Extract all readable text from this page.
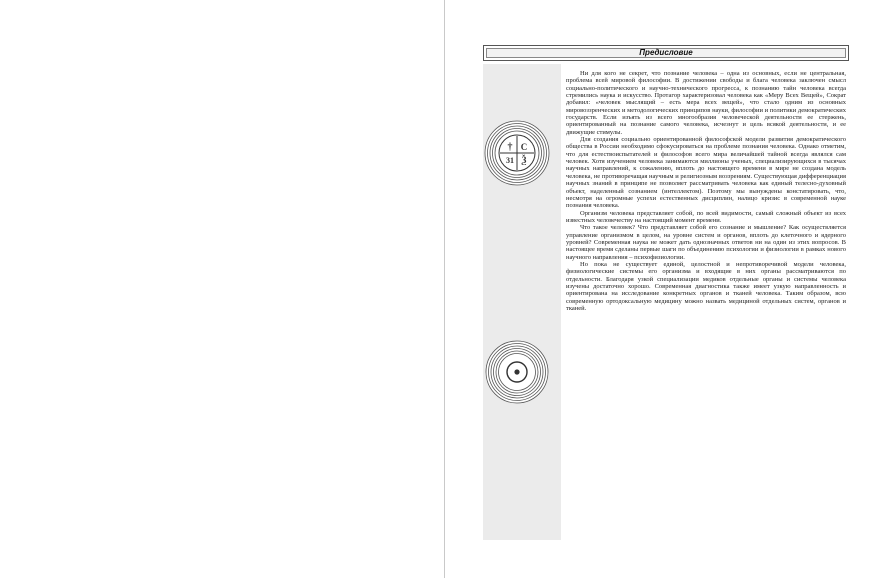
Предисловие
† C
31 Ѯ

Ни для кого не секрет, что познание человека – одна из основных, если не центральная, проблема всей мировой философии. В достижении свободы и блага человека заключен смысл социально-политического и научно-технического прогресса, к познанию тайн человека всегда стремились наука и искусство. Протагор характеризовал человека как «Меру Всех Вещей», Сократ добавил: «человек мыслящий – есть мера всех вещей», что стало одним из основных мировоззренческих и методологических принципов науки, философии и политики демократических государств. Если изъять из всего многообразия человеческой деятельности ее стержень, ориентированный на познание самого человека, исчезнут и цель всякой деятельности, и ее движущие стимулы.

Для создания социально ориентированной философской модели развития демократического общества в России необходимо сфокусироваться на проблеме познания человека. Однако отметим, что для естествоиспытателей и философов всего мира величайшей тайной всегда являлся сам человек. Хотя изучением человека занимаются миллионы ученых, специализирующихся в тысячах научных направлений, к сожалению, вплоть до настоящего времени в мире не создана модель человека, не противоречащая научным и религиозным воззрениям. Существующая дифференциация научных знаний в принципе не позволяет рассматривать человека как единый телесно-духовный объект, наделенный сознанием (интеллектом). Поэтому мы вынуждены констатировать, что, несмотря на огромные успехи естественных дисциплин, налицо кризис в современной науке познания человека.

Организм человека представляет собой, по всей видимости, самый сложный объект из всех известных человечеству на настоящий момент времени.

Что такое человек? Что представляет собой его сознание и мышление? Как осуществляется управление организмом в целом, на уровне систем и органов, вплоть до клеточного и ядерного уровней? Современная наука не может дать однозначных ответов ни на один из этих вопросов. В настоящее время сделаны первые шаги по объединению психологии и физиологии в рамках нового научного направления – психофизиологии.

Но пока не существует единой, целостной и непротиворечивой модели человека, физиологические системы его организма и входящие в них органы рассматриваются по отдельности. Благодаря узкой специализации медиков отдельные органы и системы человека изучены достаточно хорошо. Современная диагностика также имеет узкую направленность и ориентирована на исследование конкретных органов и тканей человека. Таким образом, всю современную ортодоксальную медицину можно назвать медициной отдельных систем, органов и тканей.
